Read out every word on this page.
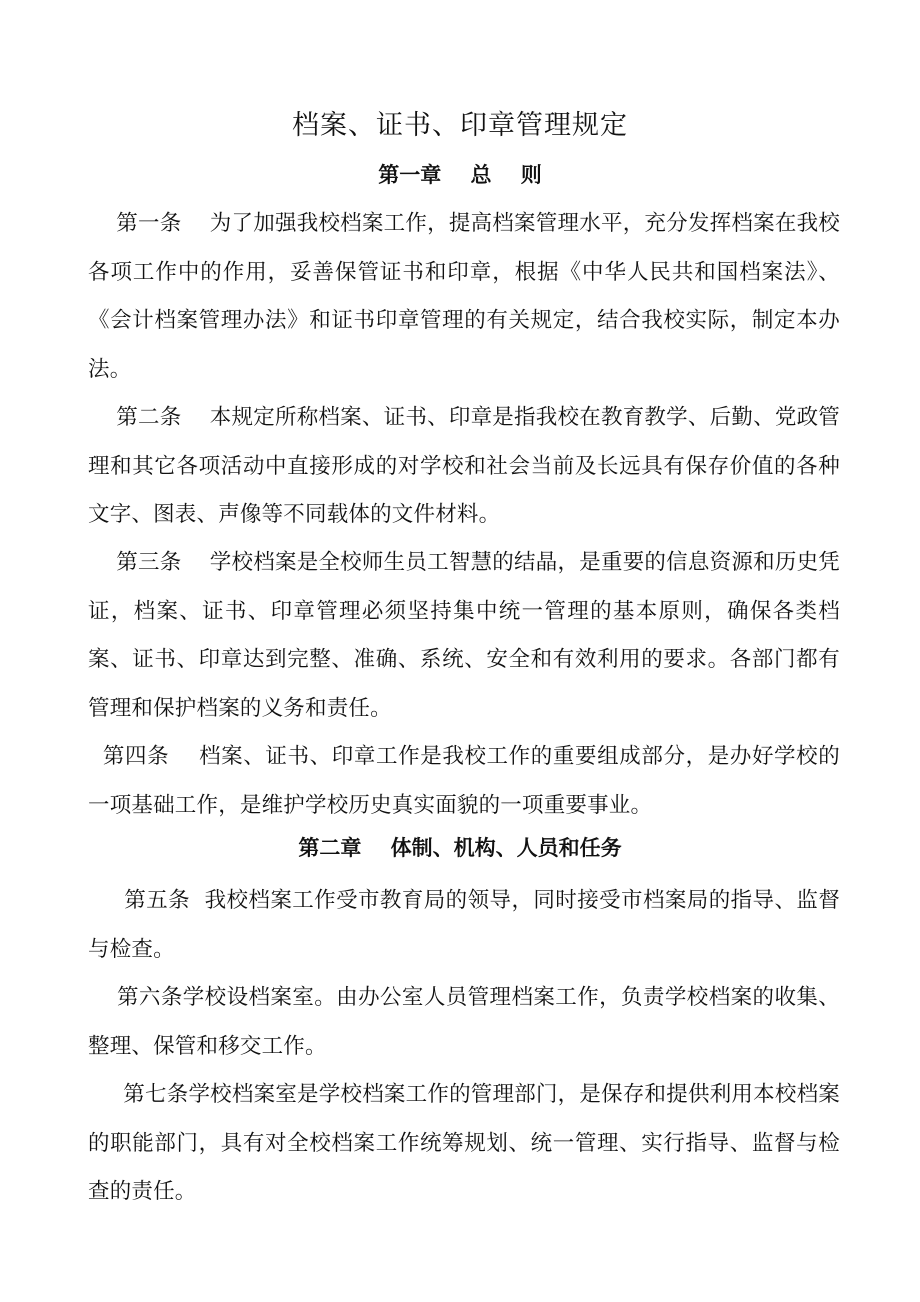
档案、证书、印章管理规定
第一章    总    则
第一条    为了加强我校档案工作，提高档案管理水平，充分发挥档案在我校各项工作中的作用，妥善保管证书和印章，根据《中华人民共和国档案法》、《会计档案管理办法》和证书印章管理的有关规定，结合我校实际，制定本办法。
第二条    本规定所称档案、证书、印章是指我校在教育教学、后勤、党政管理和其它各项活动中直接形成的对学校和社会当前及长远具有保存价值的各种文字、图表、声像等不同载体的文件材料。
第三条    学校档案是全校师生员工智慧的结晶，是重要的信息资源和历史凭证，档案、证书、印章管理必须坚持集中统一管理的基本原则，确保各类档案、证书、印章达到完整、准确、系统、安全和有效利用的要求。各部门都有管理和保护档案的义务和责任。
第四条    档案、证书、印章工作是我校工作的重要组成部分，是办好学校的一项基础工作，是维护学校历史真实面貌的一项重要事业。
第二章    体制、机构、人员和任务
第五条  我校档案工作受市教育局的领导，同时接受市档案局的指导、监督与检查。
第六条学校设档案室。由办公室人员管理档案工作，负责学校档案的收集、整理、保管和移交工作。
第七条学校档案室是学校档案工作的管理部门，是保存和提供利用本校档案的职能部门，具有对全校档案工作统筹规划、统一管理、实行指导、监督与检查的责任。
